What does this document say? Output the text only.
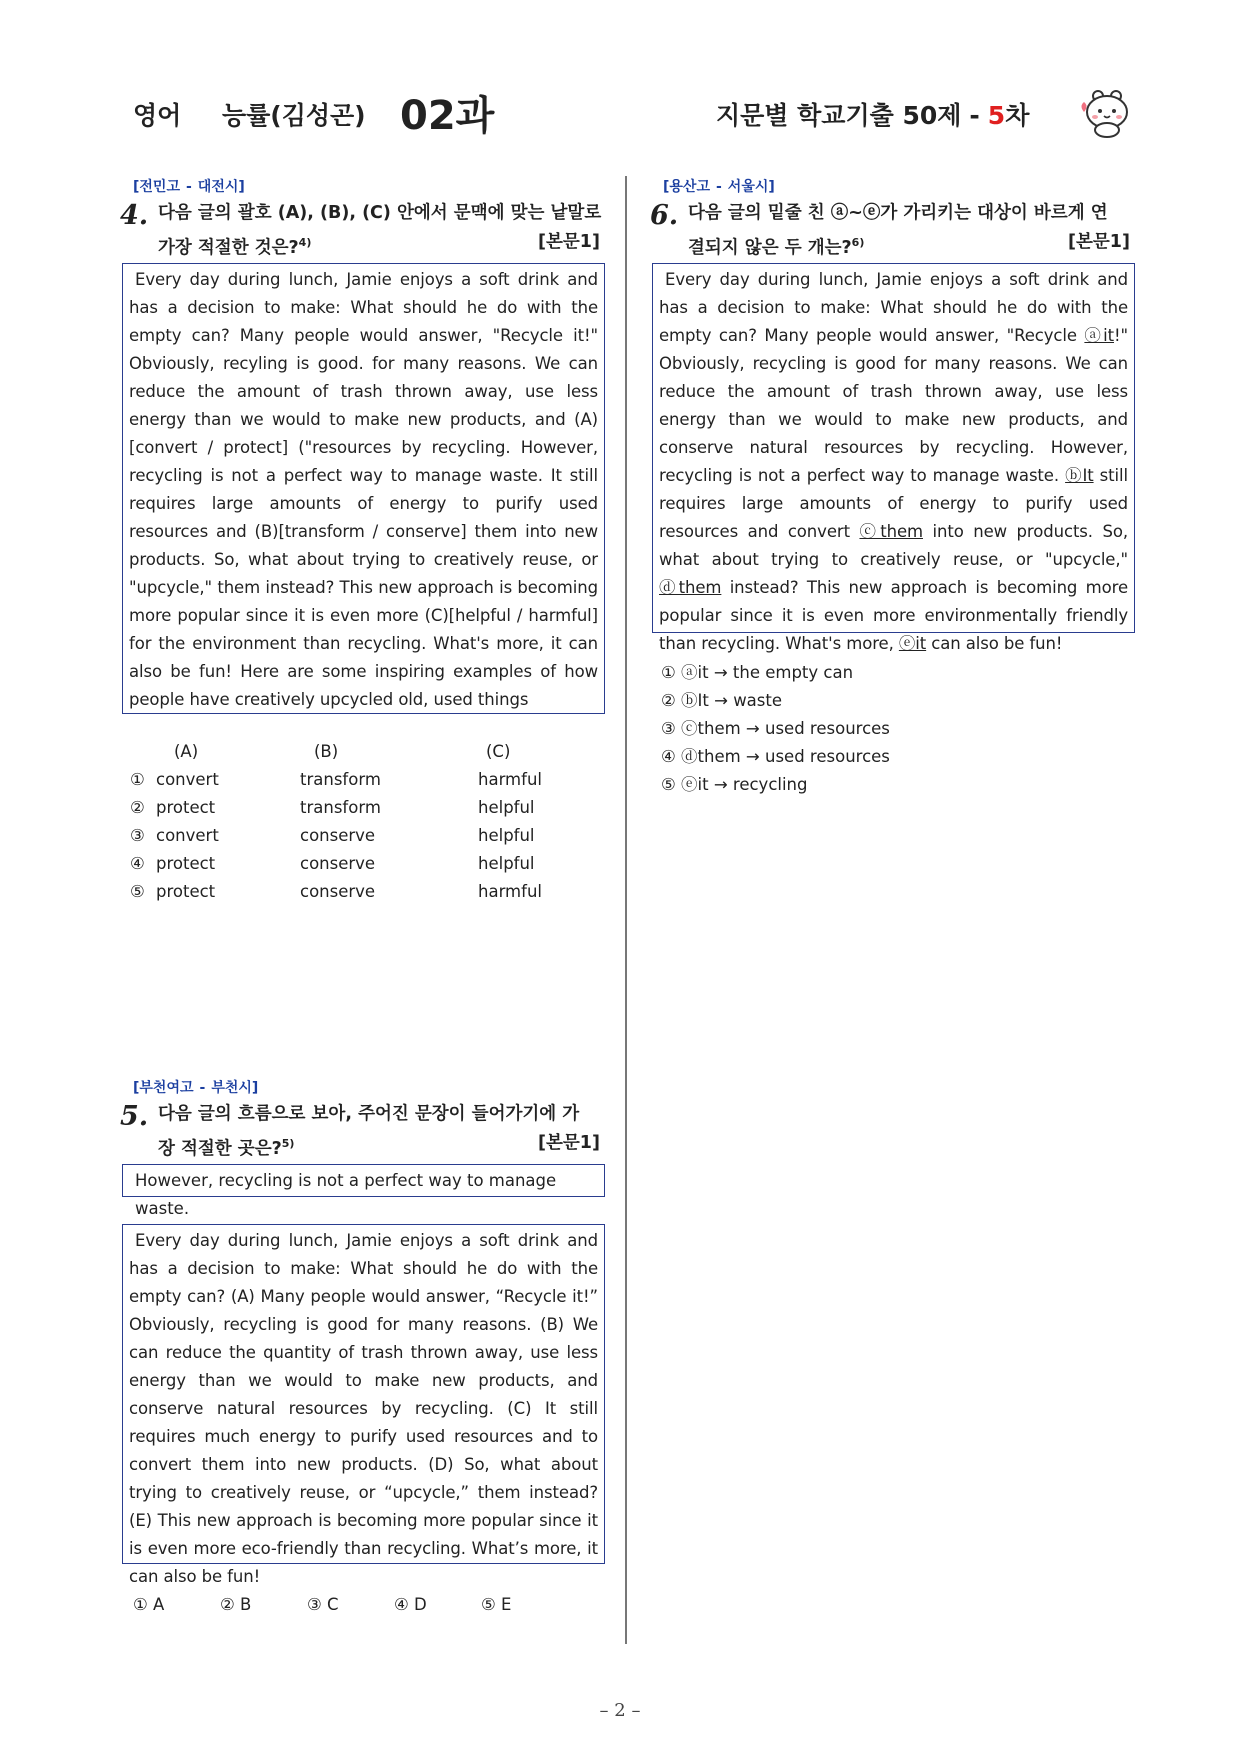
영어 능률(김성곤) 02과	지문별 학교기출 50제 - 5차
[전민고 - 대전시]
4. 다음 글의 괄호 (A), (B), (C) 안에서 문맥에 맞는 낱말로
가장 적절한 것은?$^{4)}$	[본문1]

Every day during lunch, Jamie enjoys a soft drink and has a decision to make: What should he do with the empty can? Many people would answer, "Recycle it!" Obviously, recyling is good. for many reasons. We can reduce the amount of trash thrown away, use less energy than we would to make new products, and (A)[convert / protect] ("resources by recycling. However, recycling is not a perfect way to manage waste. It still requires large amounts of energy to purify used resources and (B)[transform / conserve] them into new products. So, what about trying to creatively reuse, or "upcycle," them instead? This new approach is becoming more popular since it is even more (C)[helpful / harmful] for the environment than recycling. What's more, it can also be fun! Here are some inspiring examples of how people have creatively upcycled old, used things

(A)	(B)	(C)
① convert	transform	harmful
② protect	transform	helpful
③ convert	conserve	helpful
④ protect	conserve	helpful
⑤ protect	conserve	harmful
[부천여고 - 부천시]
5. 다음 글의 흐름으로 보아, 주어진 문장이 들어가기에 가
장 적절한 곳은?$^{5)}$	[본문1]
However, recycling is not a perfect way to manage waste.

Every day during lunch, Jamie enjoys a soft drink and has a decision to make: What should he do with the empty can? (A) Many people would answer, “Recycle it!” Obviously, recycling is good for many reasons. (B) We can reduce the quantity of trash thrown away, use less energy than we would to make new products, and conserve natural resources by recycling. (C) It still requires much energy to purify used resources and to convert them into new products. (D) So, what about trying to creatively reuse, or “upcycle,” them instead? (E) This new approach is becoming more popular since it is even more eco-friendly than recycling. What’s more, it can also be fun!

① A	② B	③ C	④ D	⑤ E
[용산고 - 서울시]
6. 다음 글의 밑줄 친 ⓐ~ⓔ가 가리키는 대상이 바르게 연
결되지 않은 두 개는?$^{6)}$	[본문1]

Every day during lunch, Jamie enjoys a soft drink and has a decision to make: What should he do with the empty can? Many people would answer, "Recycle ⓐit!" Obviously, recycling is good for many reasons. We can reduce the amount of trash thrown away, use less energy than we would to make new products, and conserve natural resources by recycling. However, recycling is not a perfect way to manage waste. ⓑIt still requires large amounts of energy to purify used resources and convert ⓒthem into new products. So, what about trying to creatively reuse, or "upcycle," ⓓthem instead? This new approach is becoming more popular since it is even more environmentally friendly than recycling. What's more, ⓔit can also be fun!

① ⓐit → the empty can
② ⓑIt → waste
③ ⓒthem → used resources
④ ⓓthem → used resources
⑤ ⓔit → recycling
– 2 –
